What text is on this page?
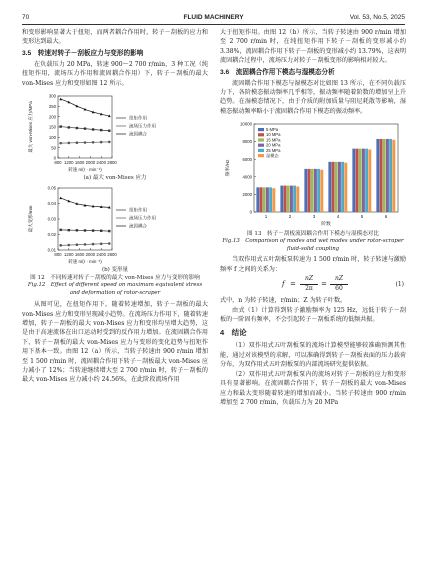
70	FLUID MACHINERY	Vol. 53, No.5, 2025

和变形影响显著大于扭矩，而两者耦合作用时，转子－刮板的应力和变形达到最大。

3.5　转速对转子－刮板应力与变形的影响

在负载压力 20 MPa，转速 900～2 700 r/min，3 种工况（纯扭矩作用，流场压力作用和流固耦合作用）下，转子－刮板的最大 von-Mises 应力和变形如图 12 所示。

0
50
100
150
200
250
300
800 1200 1600 2000 2400 2800
转速 n/(r · min⁻¹)
最大 von-Mises 应力/MPa	扭矩作用
流场压力作用
流固耦合
(a) 最大 von-Mises 应力
0.01
0.02
0.03
0.04
0.05
800 1200 1600 2000 2400 2800
转速 n/(r · min⁻¹)
最大变形/mm	扭矩作用
流场压力作用
流固耦合
(b) 变形量
图 12　不同转速对转子－刮板的最大 von-Mises 应力与变形的影响
Fig.12　Effect of different speed on maximum equivalent stress and deformation of rotor-scraper

从图可见，在扭矩作用下，随着转速增加，转子－刮板的最大 von-Mises 应力和变形呈现减小趋势。在流场压力作用下，随着转速增加，转子－刮板的最大 von-Mises 应力和变形均呈增大趋势，这是由于高速流体在出口运动时受到的反作用力增加。在流固耦合作用下，转子－刮板的最大 von-Mises 应力与变形的变化趋势与扭矩作用下基本一致。由图 12（a）所示，当转子转速由 900 r/min 增加至 1 500 r/min 时，流固耦合作用下转子－刮板最大 von-Mises 应力减小了 12%；当转速继续增大至 2 700 r/min 时，转子－刮板的最大 von-Mises 应力减小约 24.56%，在此阶段流场作用

大于扭矩作用。由图 12（b）所示，当转子转速由 900 r/min 增加至 2 700 r/min 时，在纯扭矩作用下转子－刮板的变形减小约 3.38%，流固耦合作用下转子－刮板的变形减小约 13.79%，这表明流固耦合过程中，流场压力对转子－刮板变形的影响相对较大。

3.6　流固耦合作用下模态与湿模态分析

流固耦合作用下模态与湿模态对比如图 13 所示，在不同负载压力下，各阶模态振动频率几乎相等，振动频率随着阶数的增加呈上升趋势。在湿模态情况下，由于介质的附加质量与阻尼耗散等影响，湿模态振动频率略小于流固耦合作用下模态的振动频率。

0
2000
4000
6000
8000
10000
1	2	3	4	5	6
阶数
频率/Hz
5 MPa
10 MPa
15 MPa
20 MPa
25 MPa
湿模态
图 13　转子－刮板流固耦合作用下模态与湿模态对比
Fig.13　Comparison of modes and wet modes under rotor-scraper fluid-solid coupling

当双作用式五叶刮板泵转速为 1 500 r/min 时，转子转速与激励频率 f 之间的关系为：

f =
nZ
2π
=
nZ
60
(1)

式中，n 为转子转速，r/min；Z 为转子叶数。

由式（1）计算得到转子激励频率为 125 Hz，远低于转子－刮板的一阶固有频率，不会引起转子－刮板系统的低频共振。

4　结论

（1）双作用式五叶刮板泵的流场计算模型能够较准确预测其性能，通过对该模型的求解，可以准确得到转子－刮板表面的压力载荷分布，为双作用式五叶刮板泵的内部流场研究提供依据。

（2）双作用式五叶刮板泵内的流场对转子－刮板的应力和变形具有显著影响。在流固耦合作用下，转子－刮板的最大 von-Mises 应力和最大变形随着转速的增加而减小。当转子转速由 900 r/min 增加至 2 700 r/min，负载压力为 20 MPa
